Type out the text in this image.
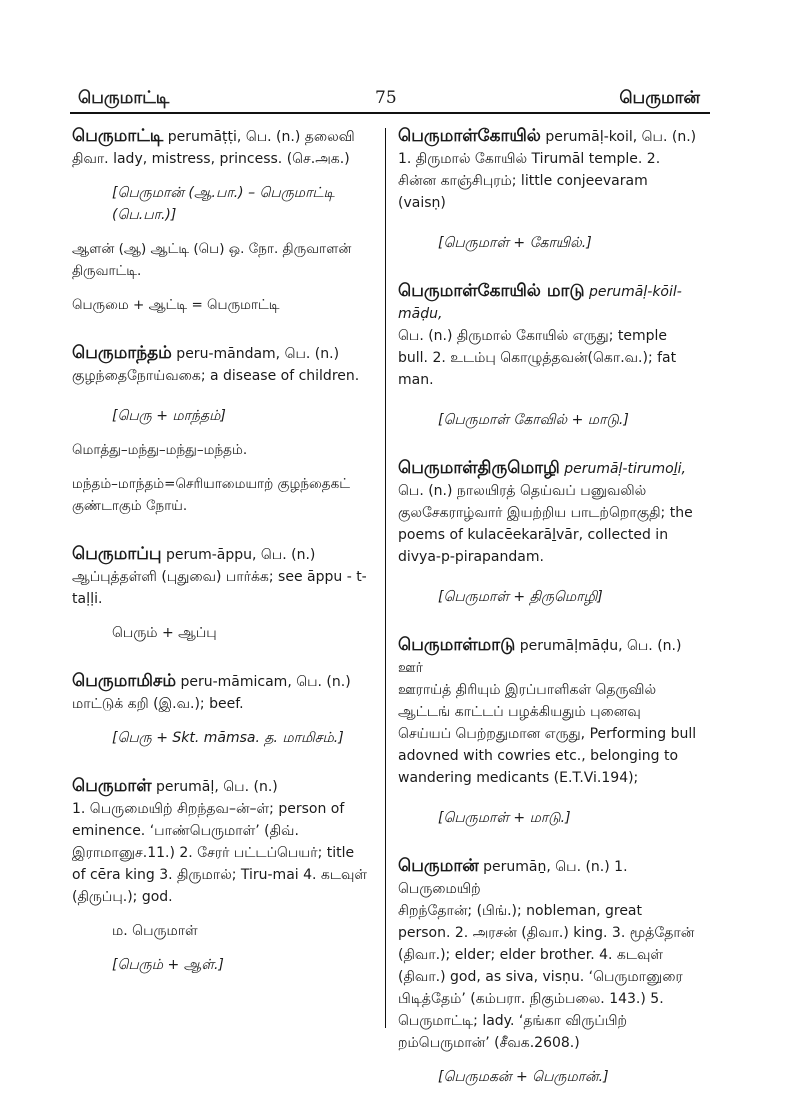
பெருமாட்டி	75	பெருமான்

பெருமாட்டி perumāṭṭi, பெ. (n.) தலைவி

திவா. lady, mistress, princess. (செ.அக.)

[பெருமான் (ஆ.பா.) – பெருமாட்டி (பெ.பா.)]

ஆளன் (ஆ) ஆட்டி (பெ) ஒ. நோ. திருவாளன் திருவாட்டி.

பெருமை + ஆட்டி = பெருமாட்டி

பெருமாந்தம் peru-māndam, பெ. (n.)

குழந்தைநோய்வகை; a disease of children.

[பெரு + மாந்தம்]

மொத்து–மந்து–மந்து–மந்தம்.

மந்தம்–மாந்தம்=செரியாமையாற் குழந்தைகட் குண்டாகும் நோய்.

பெருமாப்பு perum-āppu, பெ. (n.)

ஆப்புத்தள்ளி (புதுவை) பார்க்க; see āppu - t-taḷḷi.

பெரும் + ஆப்பு

பெருமாமிசம் peru-māmicam, பெ. (n.)

மாட்டுக் கறி (இ.வ.); beef.

[பெரு + Skt. māmsa. த. மாமிசம்.]

பெருமாள் perumāḷ, பெ. (n.)

1. பெருமையிற் சிறந்தவ–ன்–ள்; person of eminence. ‘பாண்பெருமாள்’ (திவ். இராமானுச.11.) 2. சேரர் பட்டப்பெயர்; title of cēra king 3. திருமால்; Tiru-mai 4. கடவுள் (திருப்பு.); god.

ம. பெருமாள்

[பெரும் + ஆள்.]

பெருமாள்கோயில் perumāḷ-koil, பெ. (n.)

1. திருமால் கோயில் Tirumāl temple. 2. சின்ன காஞ்சிபுரம்; little conjeevaram (vaisṇ)

[பெருமாள் + கோயில்.]

பெருமாள்கோயில் மாடு perumāḷ-kōil-māḍu,

பெ. (n.) திருமால் கோயில் எருது; temple bull. 2. உடம்பு கொழுத்தவன்(கொ.வ.); fat man.

[பெருமாள் கோவில் + மாடு.]

பெருமாள்திருமொழி perumāḷ-tirumoḻi,

பெ. (n.) நாலயிரத் தெய்வப் பனுவலில் குலசேகராழ்வார் இயற்றிய பாடற்றொகுதி; the poems of kulacēekarāḻvār, collected in divya-p-pirapandam.

[பெருமாள் + திருமொழி]

பெருமாள்மாடு perumāḷmāḍu, பெ. (n.) ஊர்

ஊராய்த் திரியும் இரப்பாளிகள் தெருவில் ஆட்டங் காட்டப் பழக்கியதும் புனைவு செய்யப் பெற்றதுமான எருது, Performing bull adovned with cowries etc., belonging to wandering medicants (E.T.Vi.194);

[பெருமாள் + மாடு.]

பெருமான் perumāṉ, பெ. (n.) 1. பெருமையிற்

சிறந்தோன்; (பிங்.); nobleman, great person. 2. அரசன் (திவா.) king. 3. மூத்தோன் (திவா.); elder; elder brother. 4. கடவுள் (திவா.) god, as siva, visṇu. ‘பெருமானுரை பிடித்தேம்’ (கம்பரா. நிகும்பலை. 143.) 5. பெருமாட்டி; lady. ‘தங்கா விருப்பிற் றம்பெருமான்’ (சீவக.2608.)

[பெருமகன் + பெருமான்.]
